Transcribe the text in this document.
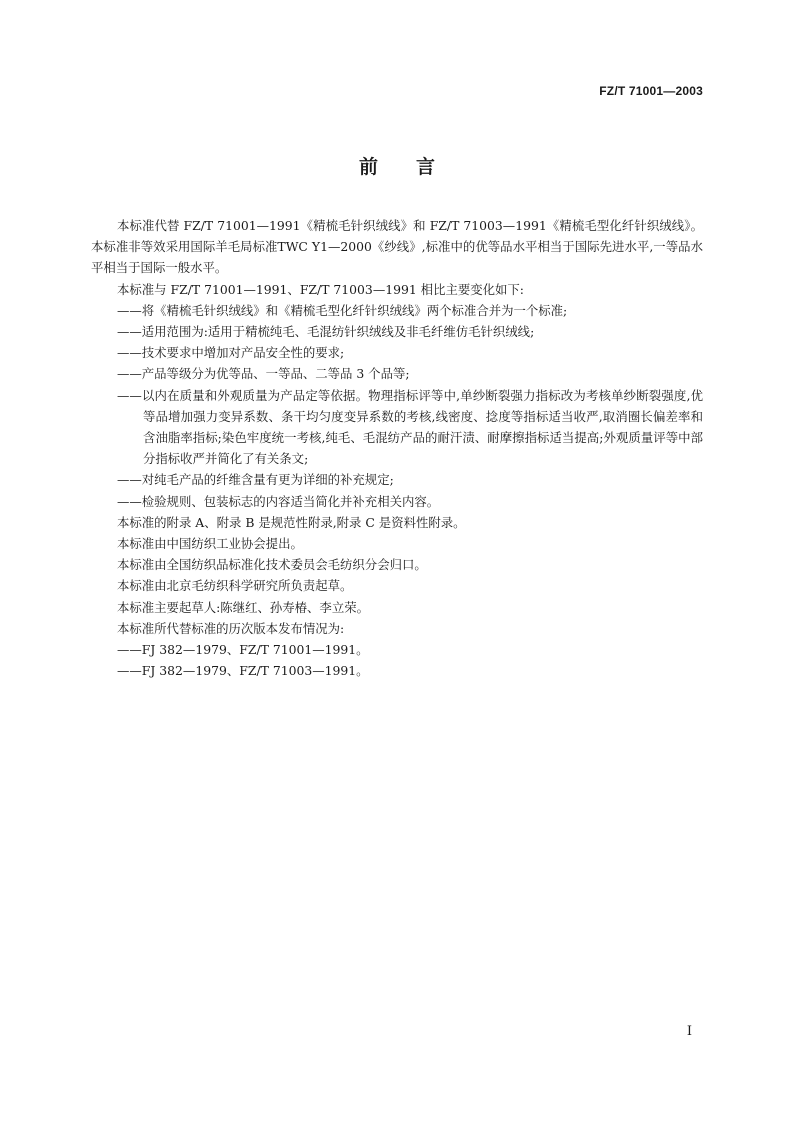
FZ/T 71001—2003
前 言

本标准代替 FZ/T 71001—1991《精梳毛针织绒线》和 FZ/T 71003—1991《精梳毛型化纤针织绒线》。本标准非等效采用国际羊毛局标准TWC Y1—2000《纱线》,标准中的优等品水平相当于国际先进水平,一等品水平相当于国际一般水平。

本标准与 FZ/T 71001—1991、FZ/T 71003—1991 相比主要变化如下:

——将《精梳毛针织绒线》和《精梳毛型化纤针织绒线》两个标准合并为一个标准;

——适用范围为:适用于精梳纯毛、毛混纺针织绒线及非毛纤维仿毛针织绒线;

——技术要求中增加对产品安全性的要求;

——产品等级分为优等品、一等品、二等品 3 个品等;

——以内在质量和外观质量为产品定等依据。物理指标评等中,单纱断裂强力指标改为考核单纱断裂强度,优等品增加强力变异系数、条干均匀度变异系数的考核,线密度、捻度等指标适当收严,取消圈长偏差率和含油脂率指标;染色牢度统一考核,纯毛、毛混纺产品的耐汗渍、耐摩擦指标适当提高;外观质量评等中部分指标收严并简化了有关条文;

——对纯毛产品的纤维含量有更为详细的补充规定;

——检验规则、包装标志的内容适当简化并补充相关内容。

本标准的附录 A、附录 B 是规范性附录,附录 C 是资料性附录。

本标准由中国纺织工业协会提出。

本标准由全国纺织品标准化技术委员会毛纺织分会归口。

本标准由北京毛纺织科学研究所负责起草。

本标准主要起草人:陈继红、孙寿椿、李立荣。

本标准所代替标准的历次版本发布情况为:

——FJ 382—1979、FZ/T 71001—1991。

——FJ 382—1979、FZ/T 71003—1991。

I
